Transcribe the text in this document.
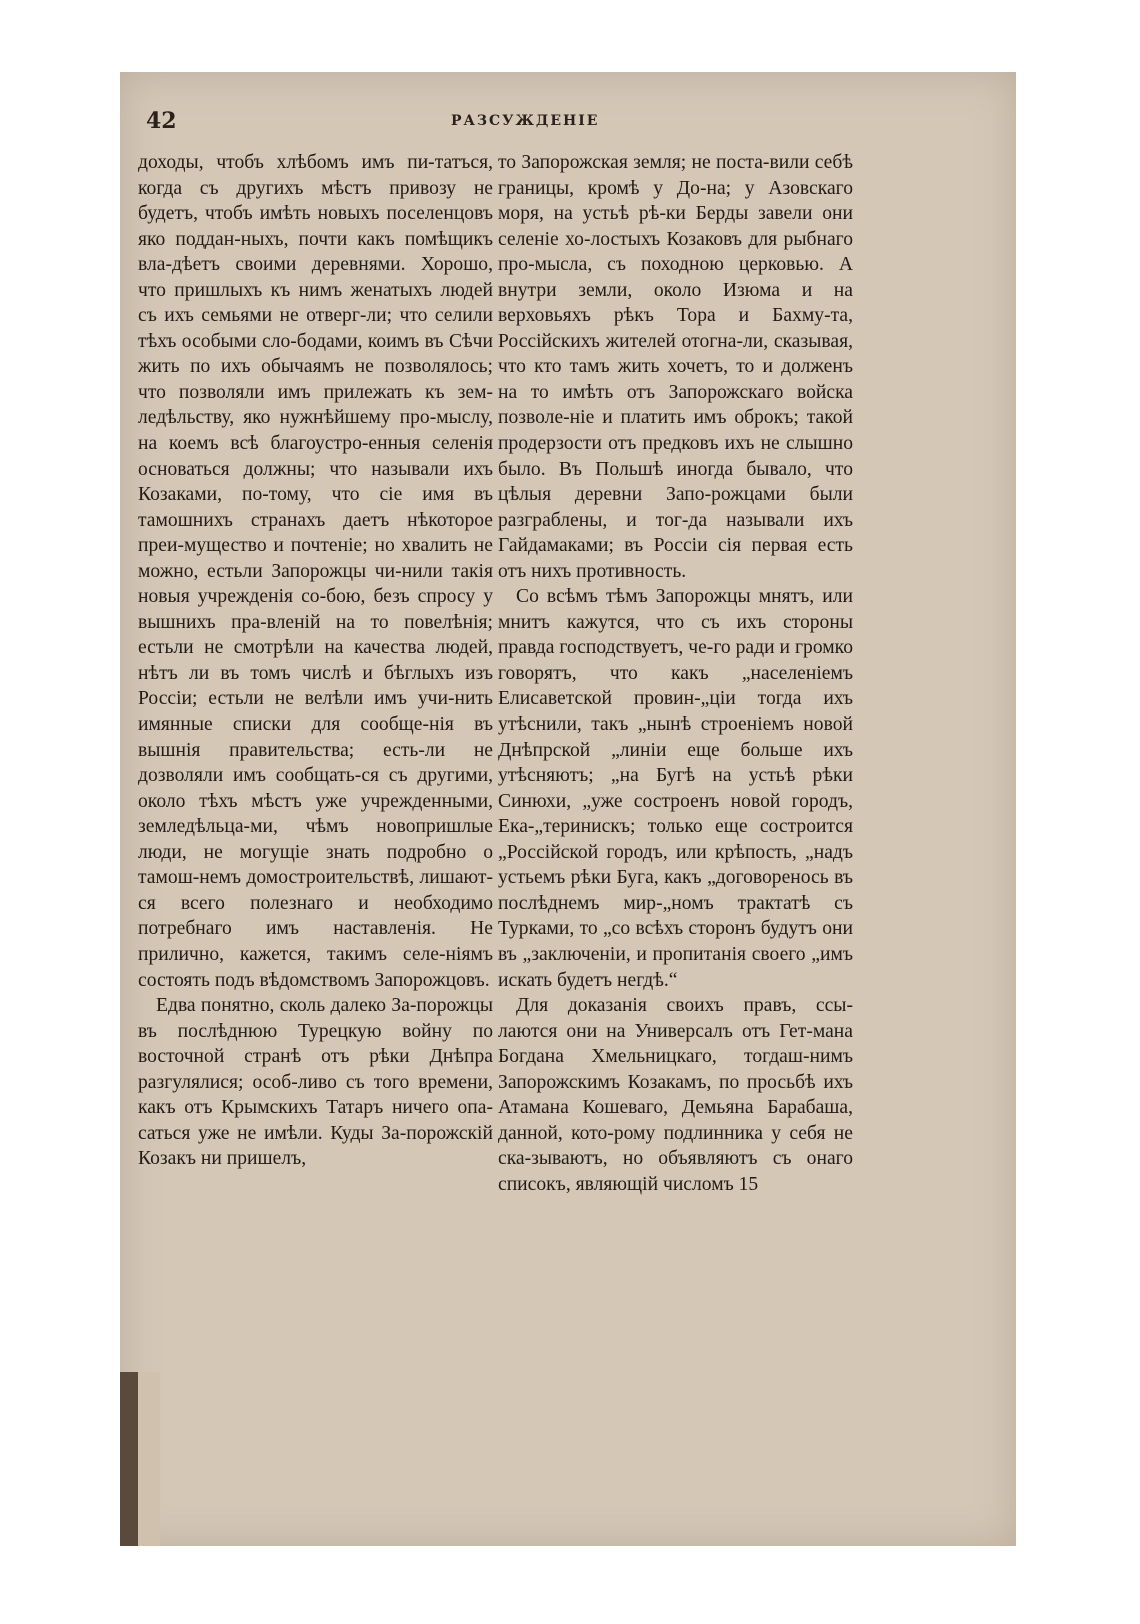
42	РАЗСУЖДЕНІЕ

доходы, чтобъ хлѣбомъ имъ пи-татъся, когда съ другихъ мѣстъ привозу не будетъ, чтобъ имѣть новыхъ поселенцовъ яко поддан-ныхъ, почти какъ помѣщикъ вла-дѣетъ своими деревнями. Хорошо, что пришлыхъ къ нимъ женатыхъ людей съ ихъ семьями не отверг-ли; что селили тѣхъ особыми сло-бодами, коимъ въ Сѣчи жить по ихъ обычаямъ не позволялось; что позволяли имъ прилежать къ зем-ледѣльству, яко нужнѣйшему про-мыслу, на коемъ всѣ благоустро-енныя селенія основаться должны; что называли ихъ Козаками, по-тому, что сіе имя въ тамошнихъ странахъ даетъ нѣкоторое преи-мущество и почтеніе; но хвалить не можно, естьли Запорожцы чи-нили такія новыя учрежденія со-бою, безъ спросу у вышнихъ пра-вленій на то повелѣнія; естьли не смотрѣли на качества людей, нѣтъ ли въ томъ числѣ и бѣглыхъ изъ Россіи; естьли не велѣли имъ учи-нить имянные списки для сообще-нія въ вышнія правительства; есть-ли не дозволяли имъ сообщать-ся съ другими, около тѣхъ мѣстъ уже учрежденными, земледѣльца-ми, чѣмъ новопришлые люди, не могущіе знать подробно о тамош-немъ домостроительствѣ, лишают-ся всего полезнаго и необходимо потребнаго имъ наставленія. Не прилично, кажется, такимъ селе-ніямъ состоять подъ вѣдомствомъ Запорожцовъ.

Едва понятно, сколь далеко За-порожцы въ послѣднюю Турецкую войну по восточной странѣ отъ рѣки Днѣпра разгулялися; особ-ливо съ того времени, какъ отъ Крымскихъ Татаръ ничего опа-саться уже не имѣли. Куды За-порожскій Козакъ ни пришелъ,

то Запорожская земля; не поста-вили себѣ границы, кромѣ у До-на; у Азовскаго моря, на устьѣ рѣ-ки Берды завели они селеніе хо-лостыхъ Козаковъ для рыбнаго про-мысла, съ походною церковью. А внутри земли, около Изюма и на верховьяхъ рѣкъ Тора и Бахму-та, Россійскихъ жителей отогна-ли, сказывая, что кто тамъ жить хочетъ, то и долженъ на то имѣть отъ Запорожскаго войска позволе-ніе и платить имъ оброкъ; такой продерзости отъ предковъ ихъ не слышно было. Въ Польшѣ иногда бывало, что цѣлыя деревни Запо-рожцами были разграблены, и тог-да называли ихъ Гайдамаками; въ Россіи сія первая есть отъ нихъ противность.

Со всѣмъ тѣмъ Запорожцы мнятъ, или мнитъ кажутся, что съ ихъ стороны правда господствуетъ, че-го ради и громко говорятъ, что какъ „населеніемъ Елисаветской провин-„ціи тогда ихъ утѣснили, такъ „нынѣ строеніемъ новой Днѣпрской „линіи еще больше ихъ утѣсняютъ; „на Бугѣ на устьѣ рѣки Синюхи, „уже состроенъ новой городъ, Ека-„теринискъ; только еще состроится „Россійской городъ, или крѣпость, „надъ устьемъ рѣки Буга, какъ „договоренось въ послѣднемъ мир-„номъ трактатѣ съ Турками, то „со всѣхъ сторонъ будутъ они въ „заключеніи, и пропитанія своего „имъ искать будетъ негдѣ.“

Для доказанія своихъ правъ, ссы-лаются они на Универсалъ отъ Гет-мана Богдана Хмельницкаго, тогдаш-нимъ Запорожскимъ Козакамъ, по просьбѣ ихъ Атамана Кошеваго, Демьяна Барабаша, данной, кото-рому подлинника у себя не ска-зываютъ, но объявляютъ съ онаго списокъ, являющій числомъ 15
